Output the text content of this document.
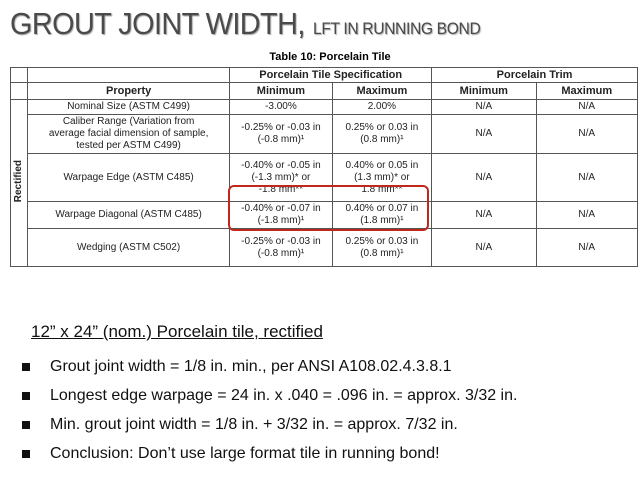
GROUT JOINT WIDTH, LFT IN RUNNING BOND
Table 10: Porcelain Tile
		Porcelain Tile Specification		Porcelain Trim	
	Property	Minimum	Maximum	Minimum	Maximum
Rectified	Nominal Size (ASTM C499)	-3.00%	2.00%	N/A	N/A
	Caliber Range (Variation from
average facial dimension of sample,
tested per ASTM C499)	-0.25% or -0.03 in
(-0.8 mm)¹	0.25% or 0.03 in
(0.8 mm)¹	N/A	N/A
	Warpage Edge (ASTM C485)	-0.40% or -0.05 in
(-1.3 mm)* or
-1.8 mm**	0.40% or 0.05 in
(1.3 mm)* or
1.8 mm**	N/A	N/A
	Warpage Diagonal (ASTM C485)	-0.40% or -0.07 in
(-1.8 mm)¹	0.40% or 0.07 in
(1.8 mm)¹	N/A	N/A
	Wedging (ASTM C502)	-0.25% or -0.03 in
(-0.8 mm)¹	0.25% or 0.03 in
(0.8 mm)¹	N/A	N/A
12” x 24” (nom.) Porcelain tile, rectified
Grout joint width = 1/8 in. min., per ANSI A108.02.4.3.8.1
Longest edge warpage = 24 in. x .040 = .096 in. = approx. 3/32 in.
Min. grout joint width = 1/8 in. + 3/32 in. = approx. 7/32 in.
Conclusion: Don’t use large format tile in running bond!
